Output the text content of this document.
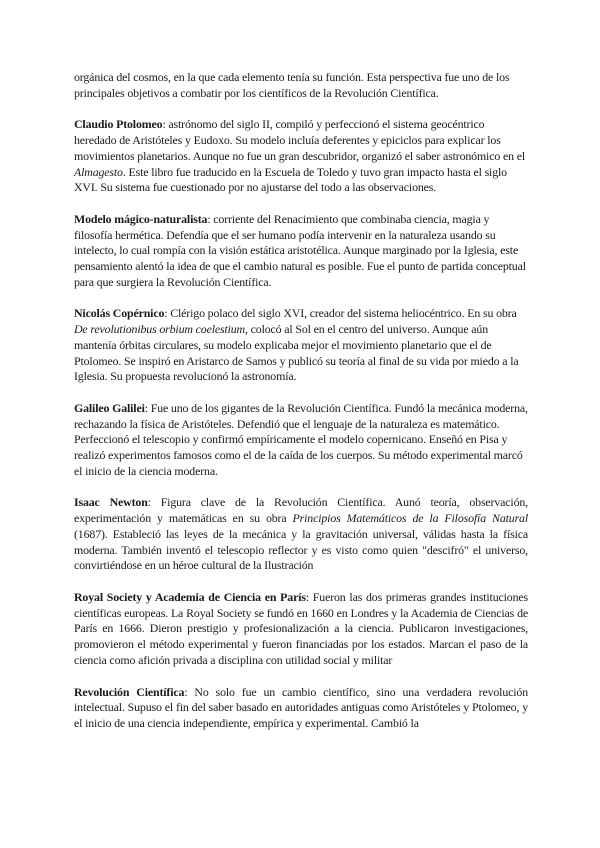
orgánica del cosmos, en la que cada elemento tenía su función. Esta perspectiva fue uno de los principales objetivos a combatir por los científicos de la Revolución Científica.

Claudio Ptolomeo: astrónomo del siglo II, compiló y perfeccionó el sistema geocéntrico heredado de Aristóteles y Eudoxo. Su modelo incluía deferentes y epiciclos para explicar los movimientos planetarios. Aunque no fue un gran descubridor, organizó el saber astronómico en el Almagesto. Este libro fue traducido en la Escuela de Toledo y tuvo gran impacto hasta el siglo XVI. Su sistema fue cuestionado por no ajustarse del todo a las observaciones.

Modelo mágico-naturalista: corriente del Renacimiento que combinaba ciencia, magia y filosofía hermética. Defendía que el ser humano podía intervenir en la naturaleza usando su intelecto, lo cual rompía con la visión estática aristotélica. Aunque marginado por la Iglesia, este pensamiento alentó la idea de que el cambio natural es posible. Fue el punto de partida conceptual para que surgiera la Revolución Científica.

Nicolás Copérnico: Clérigo polaco del siglo XVI, creador del sistema heliocéntrico. En su obra De revolutionibus orbium coelestium, colocó al Sol en el centro del universo. Aunque aún mantenía órbitas circulares, su modelo explicaba mejor el movimiento planetario que el de Ptolomeo. Se inspiró en Aristarco de Samos y publicó su teoría al final de su vida por miedo a la Iglesia. Su propuesta revolucionó la astronomía.

Galileo Galilei: Fue uno de los gigantes de la Revolución Científica. Fundó la mecánica moderna, rechazando la física de Aristóteles. Defendió que el lenguaje de la naturaleza es matemático. Perfeccionó el telescopio y confirmó empíricamente el modelo copernicano. Enseñó en Pisa y realizó experimentos famosos como el de la caída de los cuerpos. Su método experimental marcó el inicio de la ciencia moderna.

Isaac Newton: Figura clave de la Revolución Científica. Aunó teoría, observación, experimentación y matemáticas en su obra Principios Matemáticos de la Filosofía Natural (1687). Estableció las leyes de la mecánica y la gravitación universal, válidas hasta la física moderna. También inventó el telescopio reflector y es visto como quien "descifró" el universo, convirtiéndose en un héroe cultural de la Ilustración

Royal Society y Academia de Ciencia en París: Fueron las dos primeras grandes instituciones científicas europeas. La Royal Society se fundó en 1660 en Londres y la Academia de Ciencias de París en 1666. Dieron prestigio y profesionalización a la ciencia. Publicaron investigaciones, promovieron el método experimental y fueron financiadas por los estados. Marcan el paso de la ciencia como afición privada a disciplina con utilidad social y militar

Revolución Científica: No solo fue un cambio científico, sino una verdadera revolución intelectual. Supuso el fin del saber basado en autoridades antiguas como Aristóteles y Ptolomeo, y el inicio de una ciencia independiente, empírica y experimental. Cambió la
